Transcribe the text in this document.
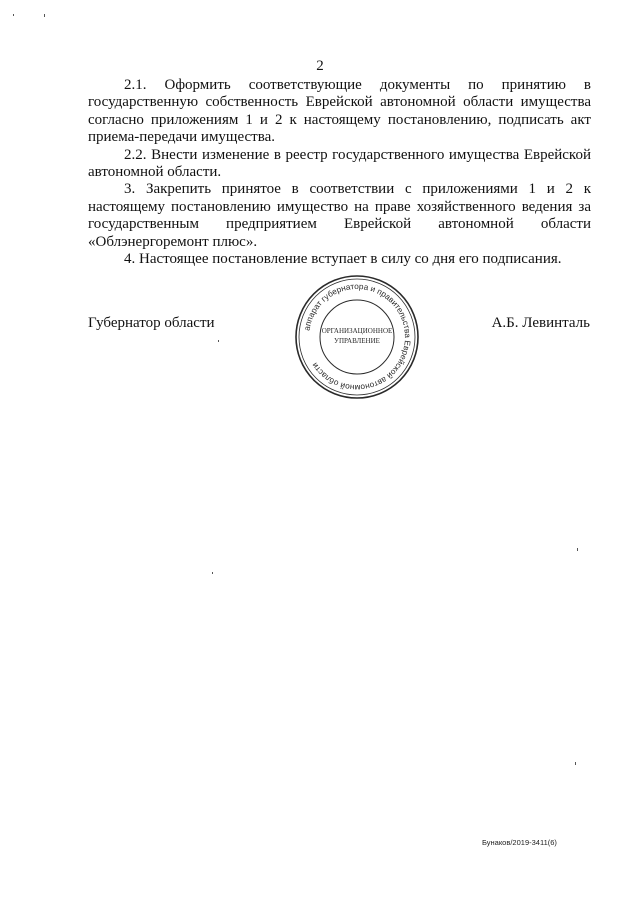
2

2.1. Оформить соответствующие документы по принятию в государственную собственность Еврейской автономной области имущества согласно приложениям 1 и 2 к настоящему постановлению, подписать акт приема-передачи имущества.

2.2. Внести изменение в реестр государственного имущества Еврейской автономной области.

3. Закрепить принятое в соответствии с приложениями 1 и 2 к настоящему постановлению имущество на праве хозяйственного ведения за государственным предприятием Еврейской автономной области «Облэнергоремонт плюс».

4. Настоящее постановление вступает в силу со дня его подписания.

Губернатор области	аппарат губернатора и правительства Еврейской автономной области
ОРГАНИЗАЦИОННОЕ
УПРАВЛЕНИЕ
А.Б. Левинталь
Бунаков/2019-3411(6)
